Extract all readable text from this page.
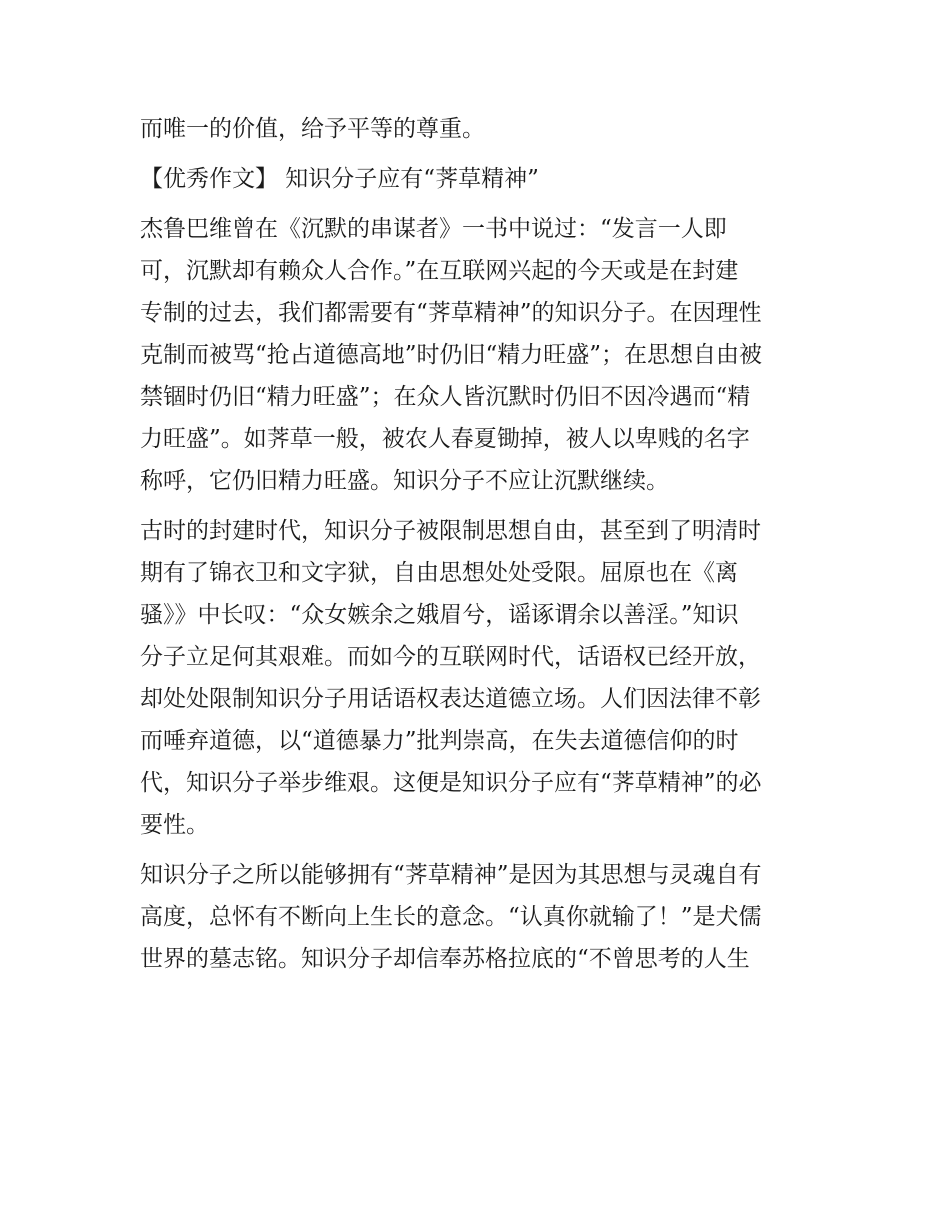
而唯一的价值，给予平等的尊重。
【优秀作文】 知识分子应有“荠草精神”
杰鲁巴维曾在《沉默的串谋者》一书中说过：“发言一人即
可，沉默却有赖众人合作。”在互联网兴起的今天或是在封建
专制的过去，我们都需要有“荠草精神”的知识分子。在因理性
克制而被骂“抢占道德高地”时仍旧“精力旺盛”；在思想自由被
禁锢时仍旧“精力旺盛”；在众人皆沉默时仍旧不因冷遇而“精
力旺盛”。如荠草一般，被农人春夏锄掉，被人以卑贱的名字
称呼，它仍旧精力旺盛。知识分子不应让沉默继续。
古时的封建时代，知识分子被限制思想自由，甚至到了明清时
期有了锦衣卫和文字狱，自由思想处处受限。屈原也在《离
骚》》中长叹：“众女嫉余之娥眉兮，谣诼谓余以善淫。”知识
分子立足何其艰难。而如今的互联网时代，话语权已经开放，
却处处限制知识分子用话语权表达道德立场。人们因法律不彰
而唾弃道德，以“道德暴力”批判崇高，在失去道德信仰的时
代，知识分子举步维艰。这便是知识分子应有“荠草精神”的必
要性。
知识分子之所以能够拥有“荠草精神”是因为其思想与灵魂自有
高度，总怀有不断向上生长的意念。“认真你就输了！”是犬儒
世界的墓志铭。知识分子却信奉苏格拉底的“不曾思考的人生
